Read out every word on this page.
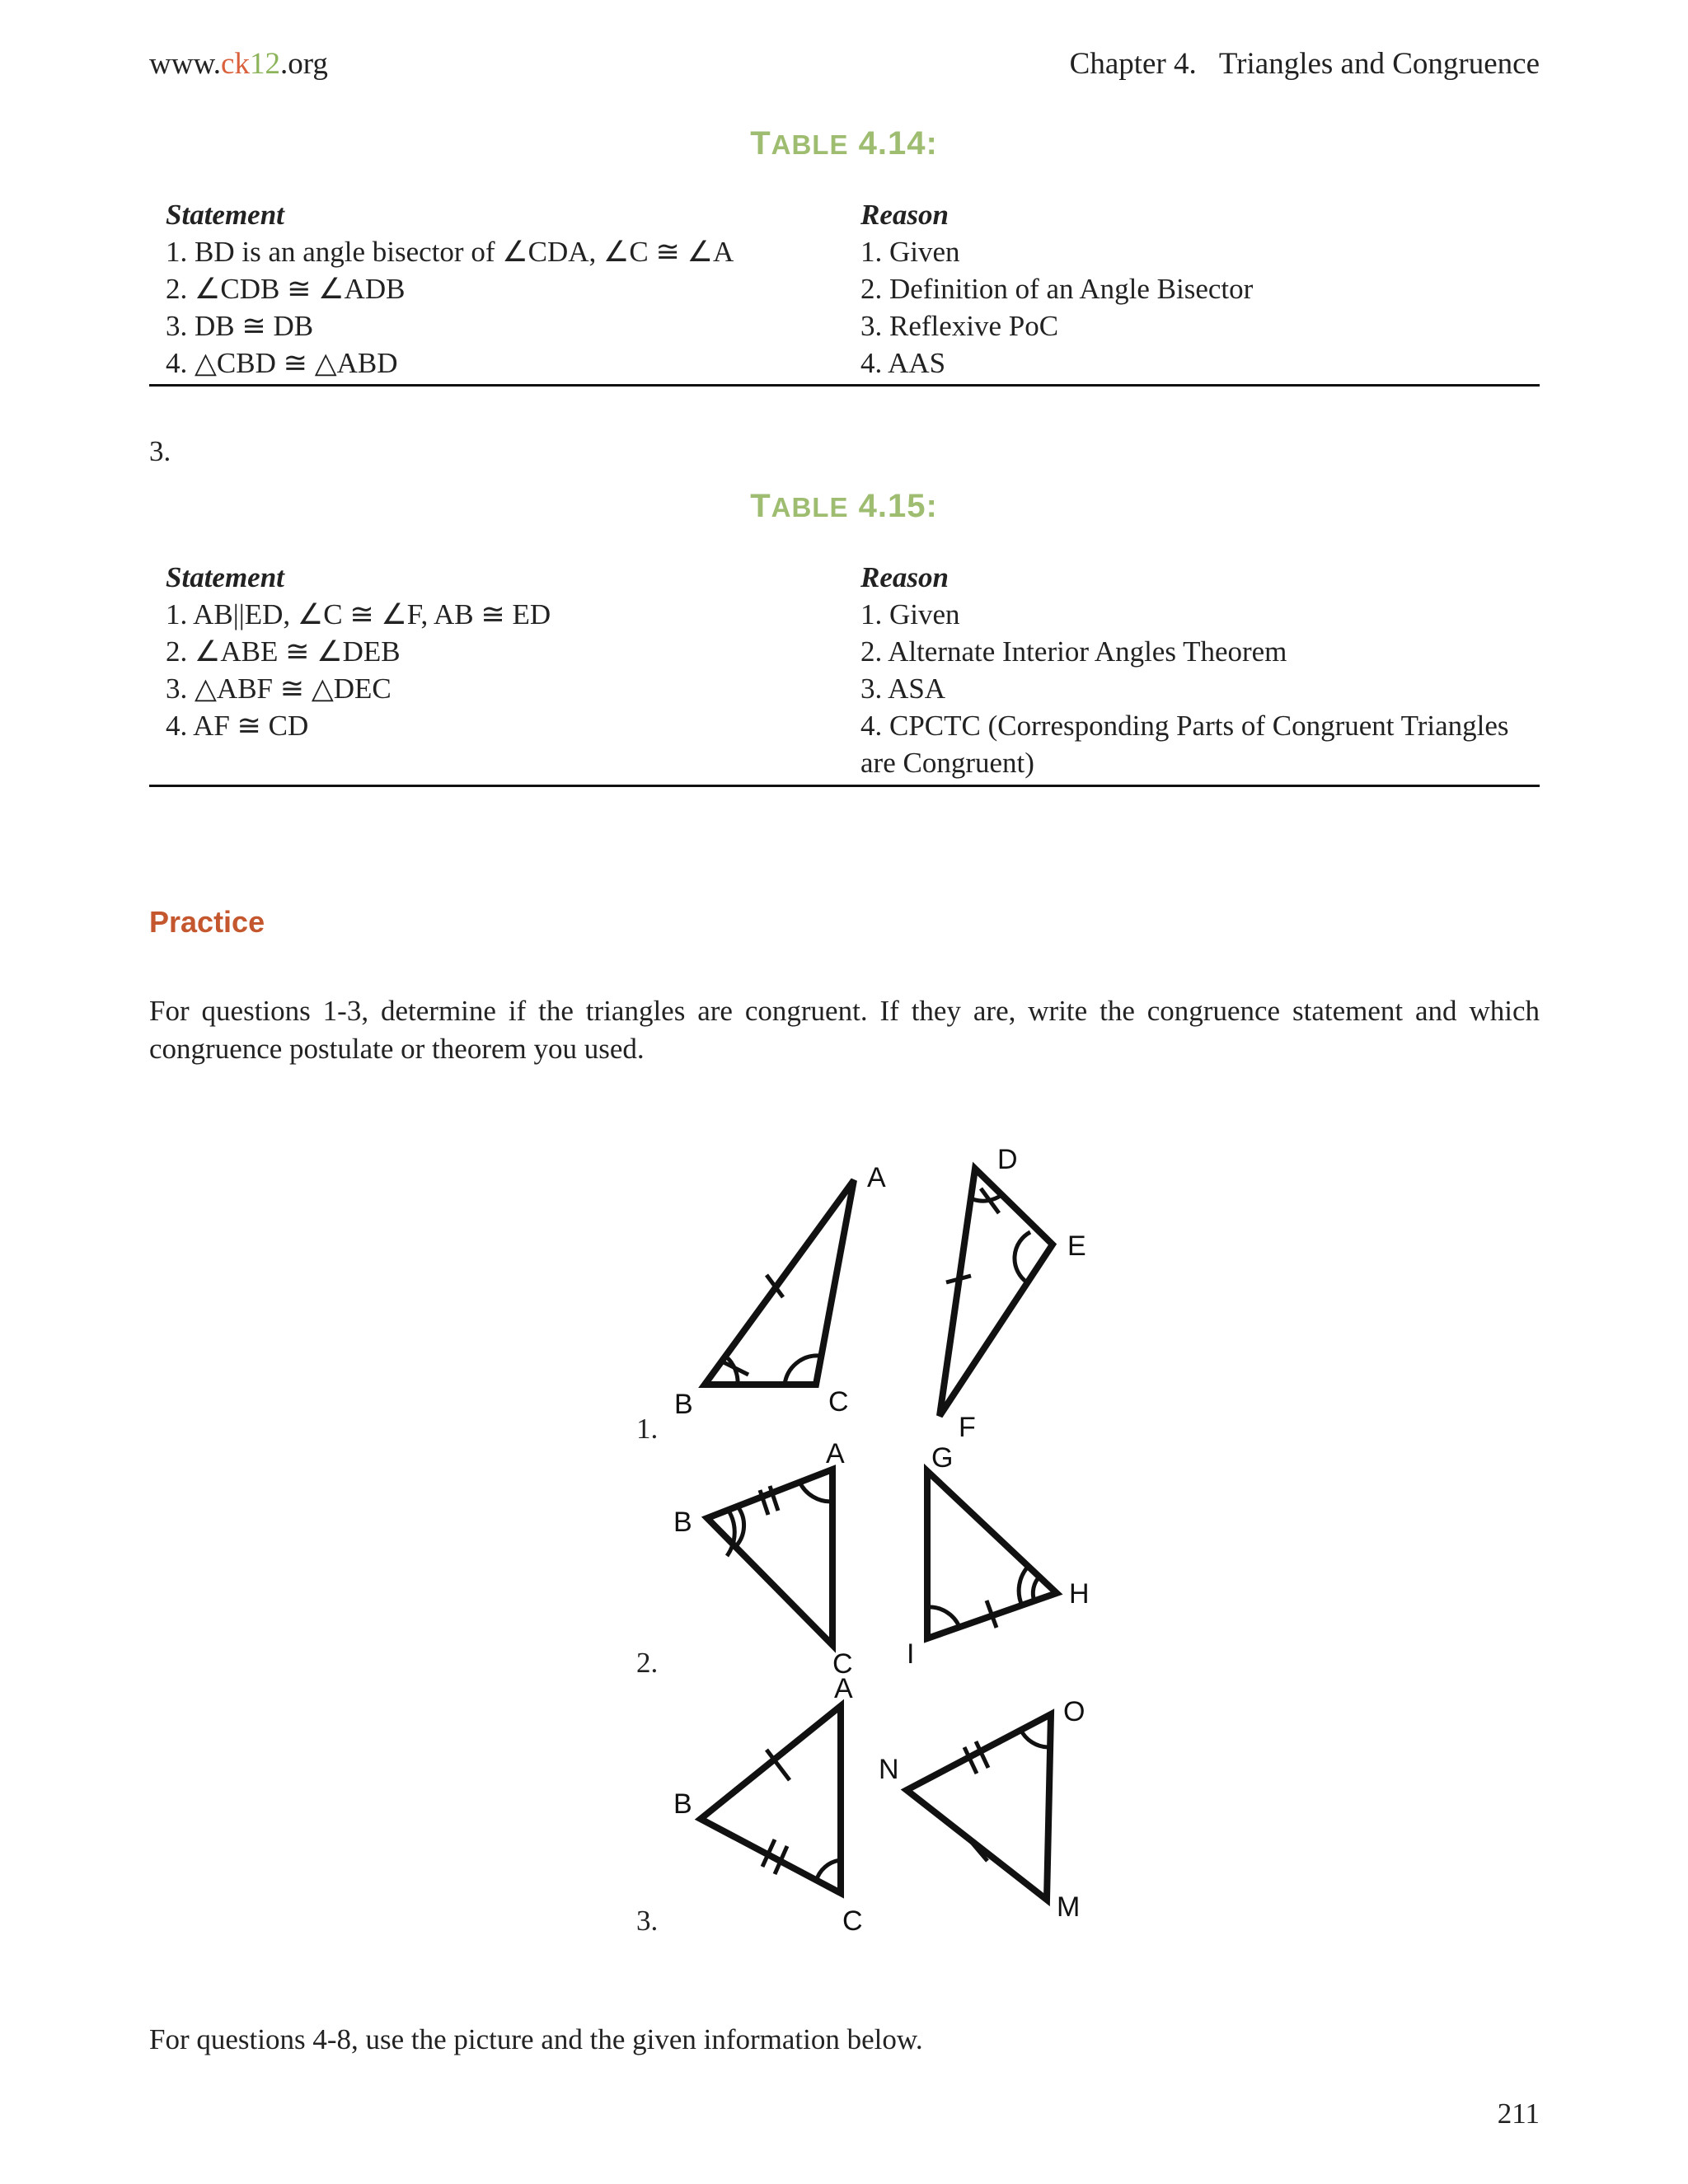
www.ck12.org	Chapter 4.   Triangles and Congruence
TABLE 4.14:
Statement	Reason
1. BD is an angle bisector of ∠CDA, ∠C ≅ ∠A	1. Given
2. ∠CDB ≅ ∠ADB	2. Definition of an Angle Bisector
3. DB ≅ DB	3. Reflexive PoC
4. △CBD ≅ △ABD	4. AAS
3.
TABLE 4.15:
Statement	Reason
1. AB||ED, ∠C ≅ ∠F, AB ≅ ED	1. Given
2. ∠ABE ≅ ∠DEB	2. Alternate Interior Angles Theorem
3. △ABF ≅ △DEC	3. ASA
4. AF ≅ CD	4. CPCTC (Corresponding Parts of Congruent Triangles are Congruent)
Practice
For questions 1-3, determine if the triangles are congruent. If they are, write the congruence statement and which congruence postulate or theorem you used.
1.
2.
3.
A
B	C
D
E
F
A
B
C
G
H
I
A
B
C
N
O
M
For questions 4-8, use the picture and the given information below.
211
